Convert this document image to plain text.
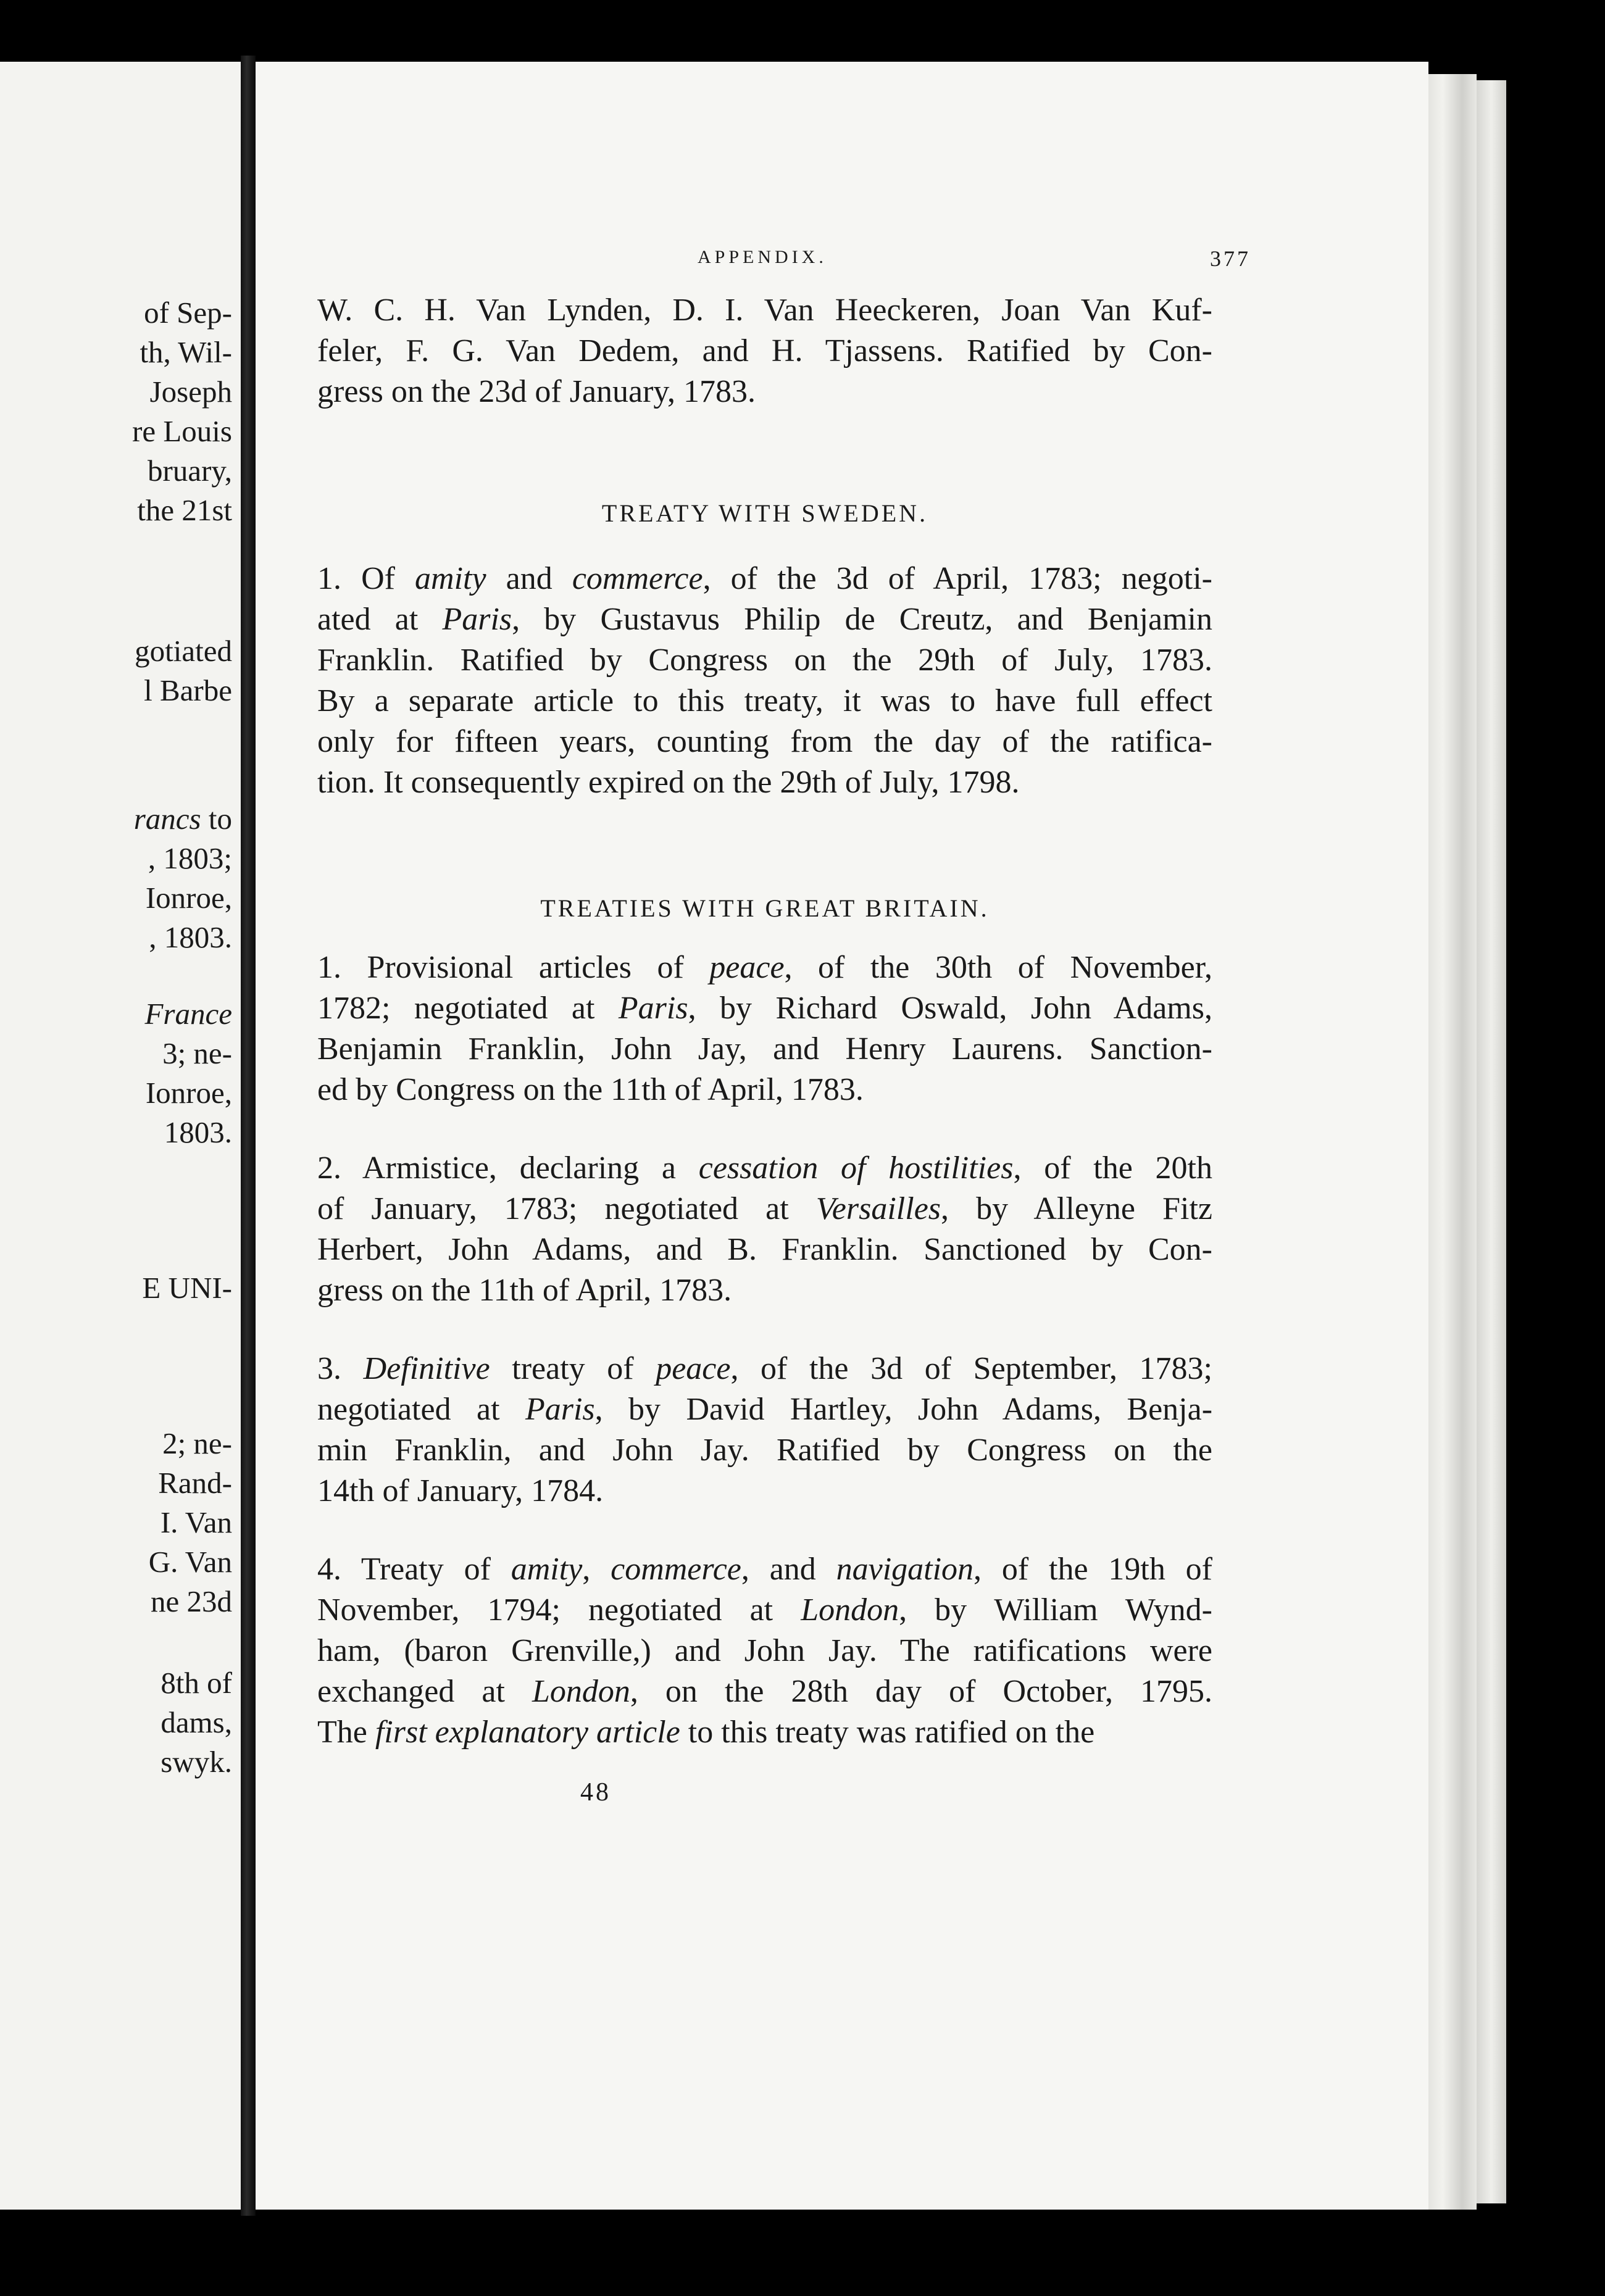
of Sep-
th, Wil-
Joseph
re Louis
bruary,
the 21st
gotiated
l Barbe
rancs to
, 1803;
Ionroe,
, 1803.
France
3; ne-
Ionroe,
1803.
E UNI-
2; ne-
Rand-
I. Van
G. Van
ne 23d
8th of
dams,
swyk.
APPENDIX.	377

W. C. H. Van Lynden, D. I. Van Heeckeren, Joan Van Kuf-
feler, F. G. Van Dedem, and H. Tjassens. Ratified by Con-
gress on the 23d of January, 1783.

TREATY WITH SWEDEN.

1. Of amity and commerce, of the 3d of April, 1783; negoti-
ated at Paris, by Gustavus Philip de Creutz, and Benjamin
Franklin. Ratified by Congress on the 29th of July, 1783.
By a separate article to this treaty, it was to have full effect
only for fifteen years, counting from the day of the ratifica-
tion. It consequently expired on the 29th of July, 1798.

TREATIES WITH GREAT BRITAIN.

1. Provisional articles of peace, of the 30th of November,
1782; negotiated at Paris, by Richard Oswald, John Adams,
Benjamin Franklin, John Jay, and Henry Laurens. Sanction-
ed by Congress on the 11th of April, 1783.

2. Armistice, declaring a cessation of hostilities, of the 20th
of January, 1783; negotiated at Versailles, by Alleyne Fitz
Herbert, John Adams, and B. Franklin. Sanctioned by Con-
gress on the 11th of April, 1783.

3. Definitive treaty of peace, of the 3d of September, 1783;
negotiated at Paris, by David Hartley, John Adams, Benja-
min Franklin, and John Jay. Ratified by Congress on the
14th of January, 1784.

4. Treaty of amity, commerce, and navigation, of the 19th of
November, 1794; negotiated at London, by William Wynd-
ham, (baron Grenville,) and John Jay. The ratifications were
exchanged at London, on the 28th day of October, 1795.
The first explanatory article to this treaty was ratified on the

48
